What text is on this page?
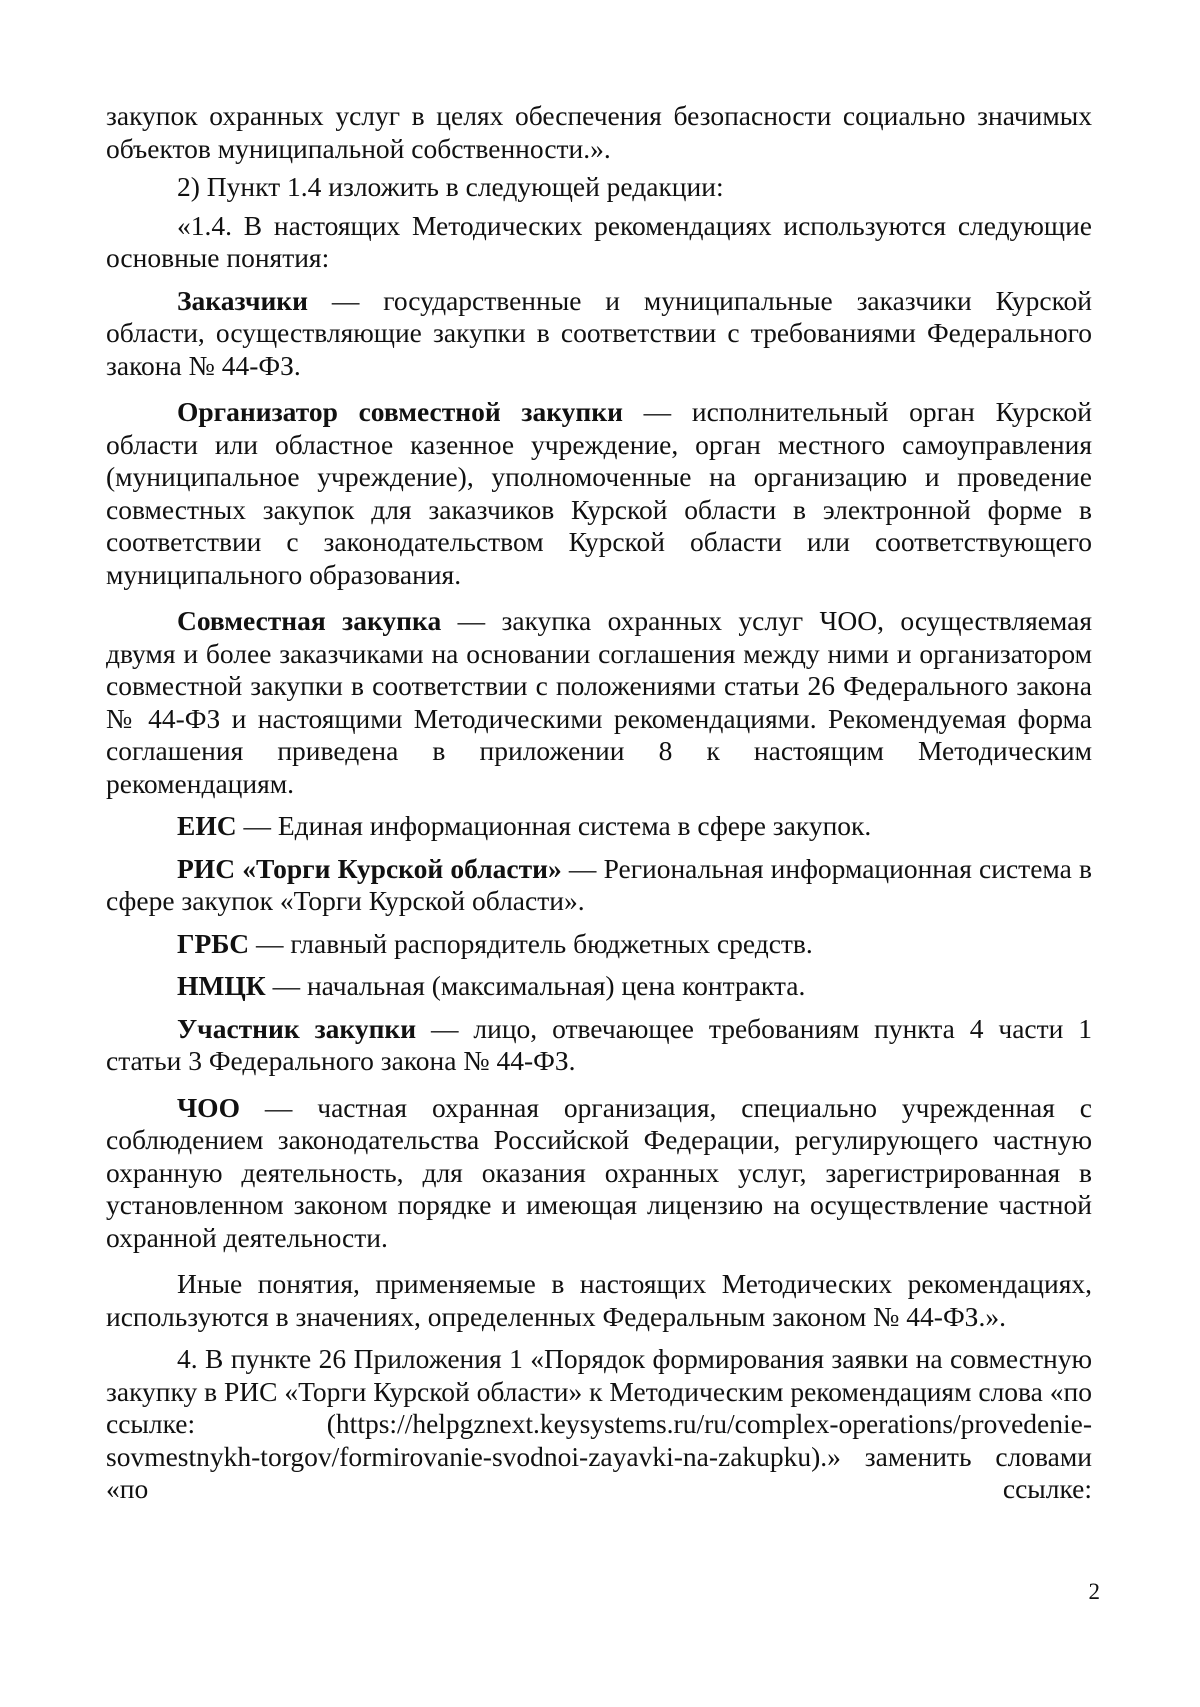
закупок охранных услуг в целях обеспечения безопасности социально значимых объектов муниципальной собственности.».

2) Пункт 1.4 изложить в следующей редакции:

«1.4. В настоящих Методических рекомендациях используются следующие основные понятия:

Заказчики — государственные и муниципальные заказчики Курской области, осуществляющие закупки в соответствии с требованиями Федерального закона № 44-ФЗ.

Организатор совместной закупки — исполнительный орган Курской области или областное казенное учреждение, орган местного самоуправления (муниципальное учреждение), уполномоченные на организацию и проведение совместных закупок для заказчиков Курской области в электронной форме в соответствии с законодательством Курской области или соответствующего муниципального образования.

Совместная закупка — закупка охранных услуг ЧОО, осуществляемая двумя и более заказчиками на основании соглашения между ними и организатором совместной закупки в соответствии с положениями статьи 26 Федерального закона № 44-ФЗ и настоящими Методическими рекомендациями. Рекомендуемая форма соглашения приведена в приложении 8 к настоящим Методическим рекомендациям.

ЕИС — Единая информационная система в сфере закупок.

РИС «Торги Курской области» — Региональная информационная система в сфере закупок «Торги Курской области».

ГРБС — главный распорядитель бюджетных средств.

НМЦК — начальная (максимальная) цена контракта.

Участник закупки — лицо, отвечающее требованиям пункта 4 части 1 статьи 3 Федерального закона № 44-ФЗ.

ЧОО — частная охранная организация, специально учрежденная с соблюдением законодательства Российской Федерации, регулирующего частную охранную деятельность, для оказания охранных услуг, зарегистрированная в установленном законом порядке и имеющая лицензию на осуществление частной охранной деятельности.

Иные понятия, применяемые в настоящих Методических рекомендациях, используются в значениях, определенных Федеральным законом № 44-ФЗ.».

4. В пункте 26 Приложения 1 «Порядок формирования заявки на совместную закупку в РИС «Торги Курской области» к Методическим рекомендациям слова «по ссылке: (https://helpgznext.keysystems.ru/ru/complex-operations/provedenie-sovmestnykh-torgov/formirovanie-svodnoi-zayavki-na-zakupku).» заменить словами «по ссылке:

2
